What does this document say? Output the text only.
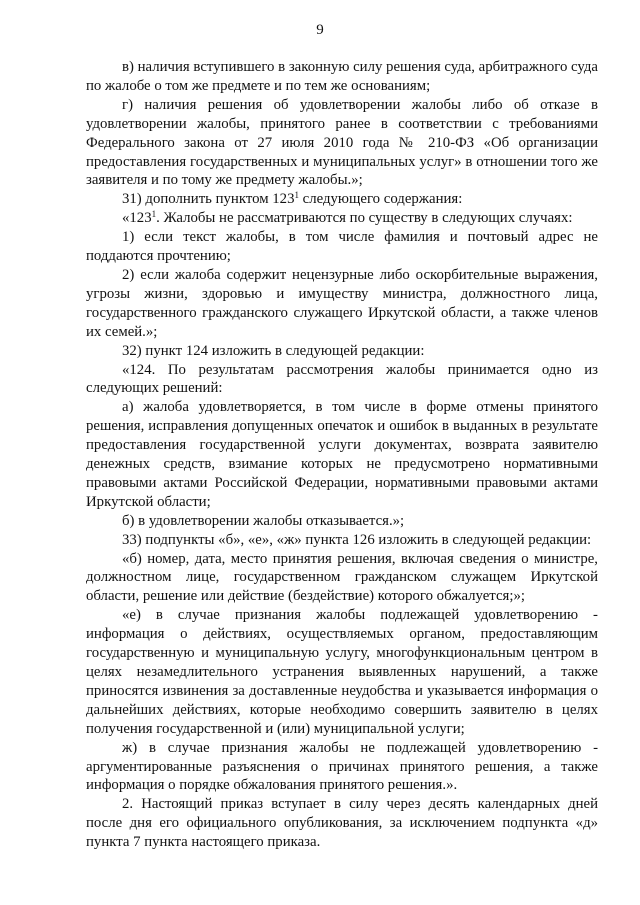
9

в) наличия вступившего в законную силу решения суда, арбитражного суда по жалобе о том же предмете и по тем же основаниям;

г) наличия решения об удовлетворении жалобы либо об отказе в удовлетворении жалобы, принятого ранее в соответствии с требованиями Федерального закона от 27 июля 2010 года № 210-ФЗ «Об организации предоставления государственных и муниципальных услуг» в отношении того же заявителя и по тому же предмету жалобы.»;

31) дополнить пунктом $123^1$ следующего содержания:

«$123^1$. Жалобы не рассматриваются по существу в следующих случаях:

1) если текст жалобы, в том числе фамилия и почтовый адрес не поддаются прочтению;

2) если жалоба содержит нецензурные либо оскорбительные выражения, угрозы жизни, здоровью и имуществу министра, должностного лица, государственного гражданского служащего Иркутской области, а также членов их семей.»;

32) пункт 124 изложить в следующей редакции:

«124. По результатам рассмотрения жалобы принимается одно из следующих решений:

а) жалоба удовлетворяется, в том числе в форме отмены принятого решения, исправления допущенных опечаток и ошибок в выданных в результате предоставления государственной услуги документах, возврата заявителю денежных средств, взимание которых не предусмотрено нормативными правовыми актами Российской Федерации, нормативными правовыми актами Иркутской области;

б) в удовлетворении жалобы отказывается.»;

33) подпункты «б», «е», «ж» пункта 126 изложить в следующей редакции:

«б) номер, дата, место принятия решения, включая сведения о министре, должностном лице, государственном гражданском служащем Иркутской области, решение или действие (бездействие) которого обжалуется;»;

«е) в случае признания жалобы подлежащей удовлетворению - информация о действиях, осуществляемых органом, предоставляющим государственную и муниципальную услугу, многофункциональным центром в целях незамедлительного устранения выявленных нарушений, а также приносятся извинения за доставленные неудобства и указывается информация о дальнейших действиях, которые необходимо совершить заявителю в целях получения государственной и (или) муниципальной услуги;

ж) в случае признания жалобы не подлежащей удовлетворению - аргументированные разъяснения о причинах принятого решения, а также информация о порядке обжалования принятого решения.».

2. Настоящий приказ вступает в силу через десять календарных дней после дня его официального опубликования, за исключением подпункта «д» пункта 7 пункта настоящего приказа.
